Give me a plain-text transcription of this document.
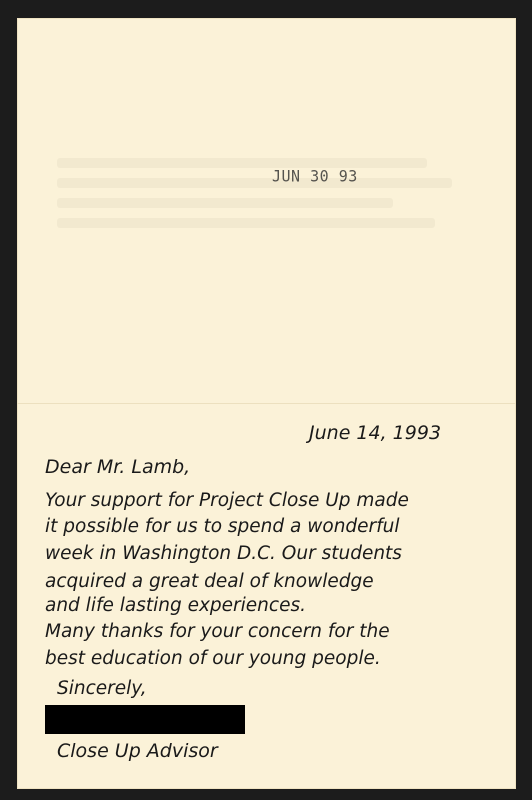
JUN 30 93
June 14, 1993
Dear Mr. Lamb,
Your support for Project Close Up made
it possible for us to spend a wonderful
week in Washington D.C. Our students
acquired a great deal of knowledge
and life lasting experiences.
Many thanks for your concern for the
best education of our young people.
Sincerely,
Close Up Advisor
